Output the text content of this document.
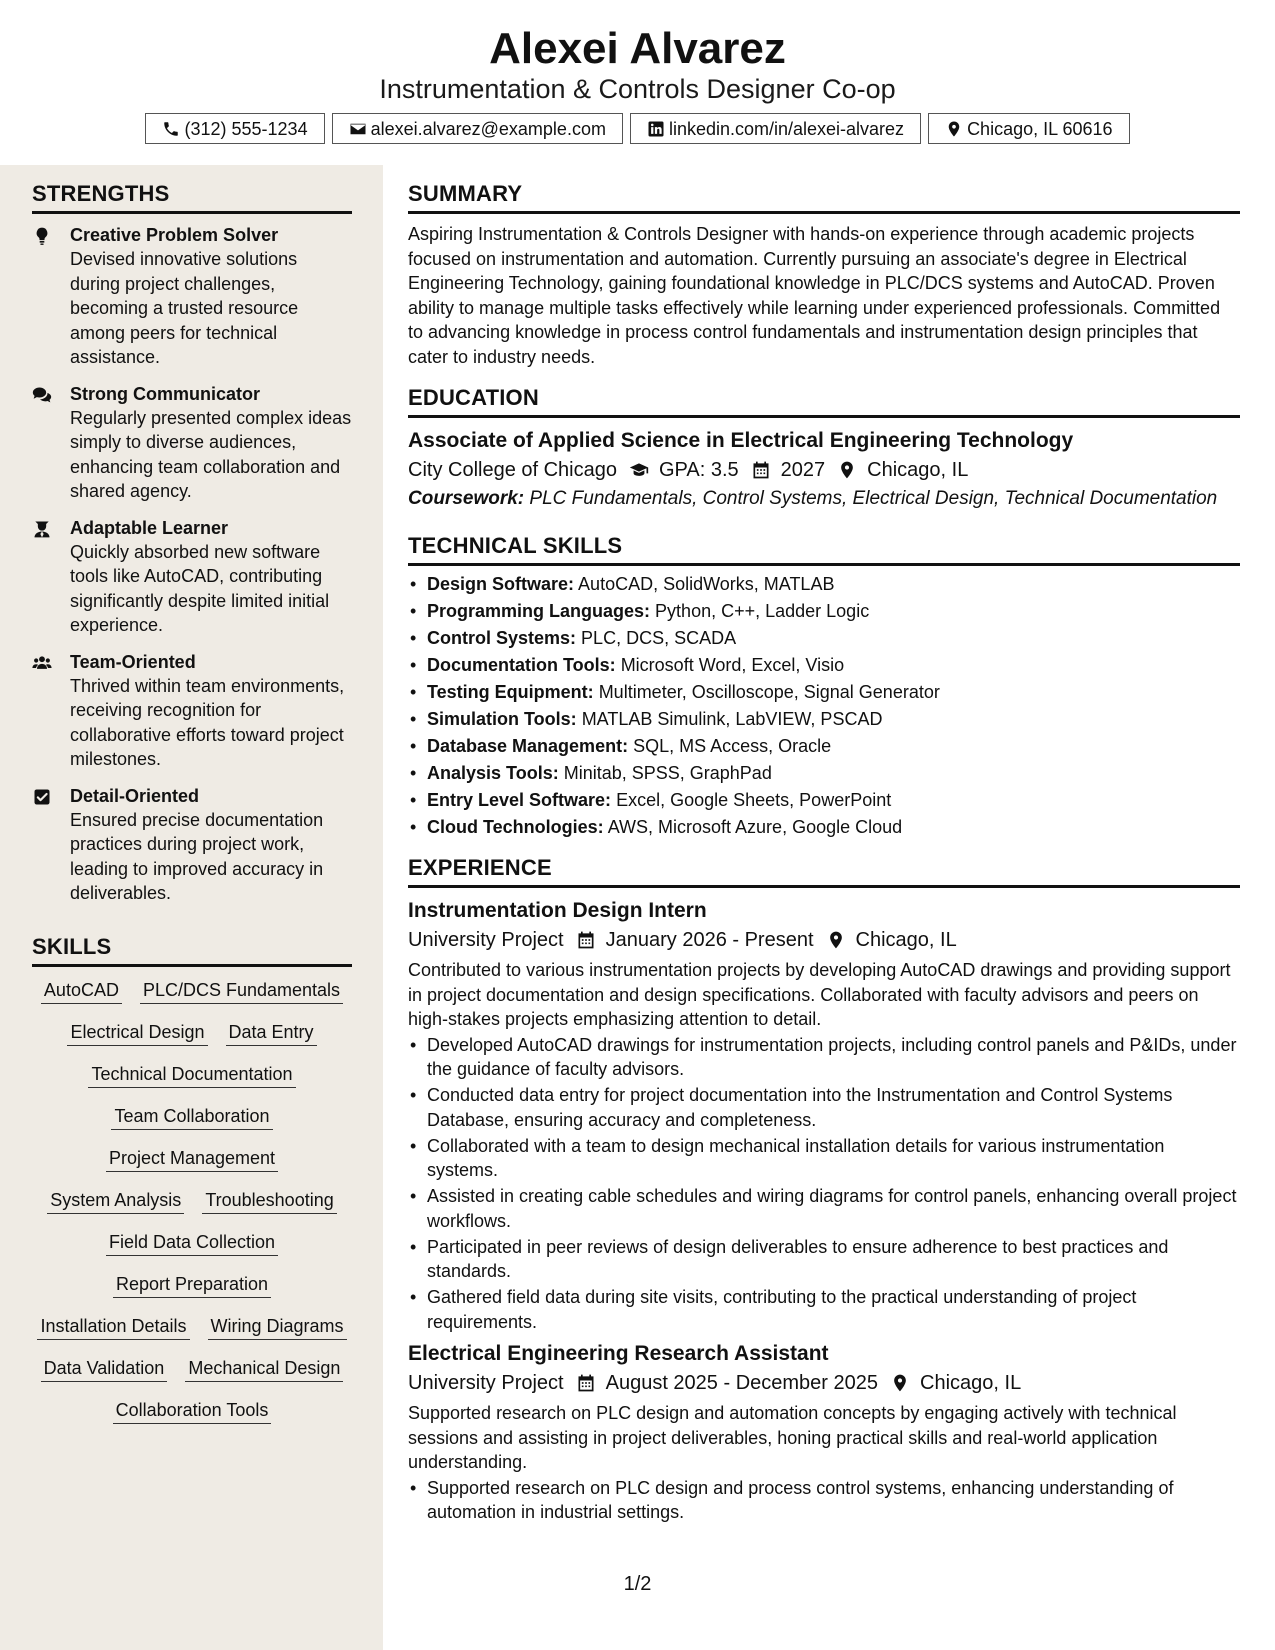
Alexei Alvarez
Instrumentation & Controls Designer Co-op
(312) 555-1234	alexei.alvarez@example.com	linkedin.com/in/alexei-alvarez	Chicago, IL 60616
STRENGTHS
Creative Problem Solver
Devised innovative solutions during project challenges, becoming a trusted resource among peers for technical assistance.
Strong Communicator
Regularly presented complex ideas simply to diverse audiences, enhancing team collaboration and shared agency.
Adaptable Learner
Quickly absorbed new software tools like AutoCAD, contributing significantly despite limited initial experience.
Team-Oriented
Thrived within team environments, receiving recognition for collaborative efforts toward project milestones.
Detail-Oriented
Ensured precise documentation practices during project work, leading to improved accuracy in deliverables.
SKILLS
AutoCAD PLC/DCS Fundamentals
Electrical Design Data Entry
Technical Documentation
Team Collaboration
Project Management
System Analysis Troubleshooting
Field Data Collection
Report Preparation
Installation Details Wiring Diagrams
Data Validation Mechanical Design
Collaboration Tools
SUMMARY
Aspiring Instrumentation & Controls Designer with hands-on experience through academic projects focused on instrumentation and automation. Currently pursuing an associate's degree in Electrical Engineering Technology, gaining foundational knowledge in PLC/DCS systems and AutoCAD. Proven ability to manage multiple tasks effectively while learning under experienced professionals. Committed to advancing knowledge in process control fundamentals and instrumentation design principles that cater to industry needs.
EDUCATION
Associate of Applied Science in Electrical Engineering Technology
City College of Chicago GPA: 3.5 2027 Chicago, IL
Coursework: PLC Fundamentals, Control Systems, Electrical Design, Technical Documentation
TECHNICAL SKILLS
• Design Software: AutoCAD, SolidWorks, MATLAB
• Programming Languages: Python, C++, Ladder Logic
• Control Systems: PLC, DCS, SCADA
• Documentation Tools: Microsoft Word, Excel, Visio
• Testing Equipment: Multimeter, Oscilloscope, Signal Generator
• Simulation Tools: MATLAB Simulink, LabVIEW, PSCAD
• Database Management: SQL, MS Access, Oracle
• Analysis Tools: Minitab, SPSS, GraphPad
• Entry Level Software: Excel, Google Sheets, PowerPoint
• Cloud Technologies: AWS, Microsoft Azure, Google Cloud
EXPERIENCE
Instrumentation Design Intern
University Project January 2026 - Present Chicago, IL
Contributed to various instrumentation projects by developing AutoCAD drawings and providing support in project documentation and design specifications. Collaborated with faculty advisors and peers on high-stakes projects emphasizing attention to detail.
• Developed AutoCAD drawings for instrumentation projects, including control panels and P&IDs, under the guidance of faculty advisors.
• Conducted data entry for project documentation into the Instrumentation and Control Systems Database, ensuring accuracy and completeness.
• Collaborated with a team to design mechanical installation details for various instrumentation systems.
• Assisted in creating cable schedules and wiring diagrams for control panels, enhancing overall project workflows.
• Participated in peer reviews of design deliverables to ensure adherence to best practices and standards.
• Gathered field data during site visits, contributing to the practical understanding of project requirements.
Electrical Engineering Research Assistant
University Project August 2025 - December 2025 Chicago, IL
Supported research on PLC design and automation concepts by engaging actively with technical sessions and assisting in project deliverables, honing practical skills and real-world application understanding.
• Supported research on PLC design and process control systems, enhancing understanding of automation in industrial settings.
1/2
